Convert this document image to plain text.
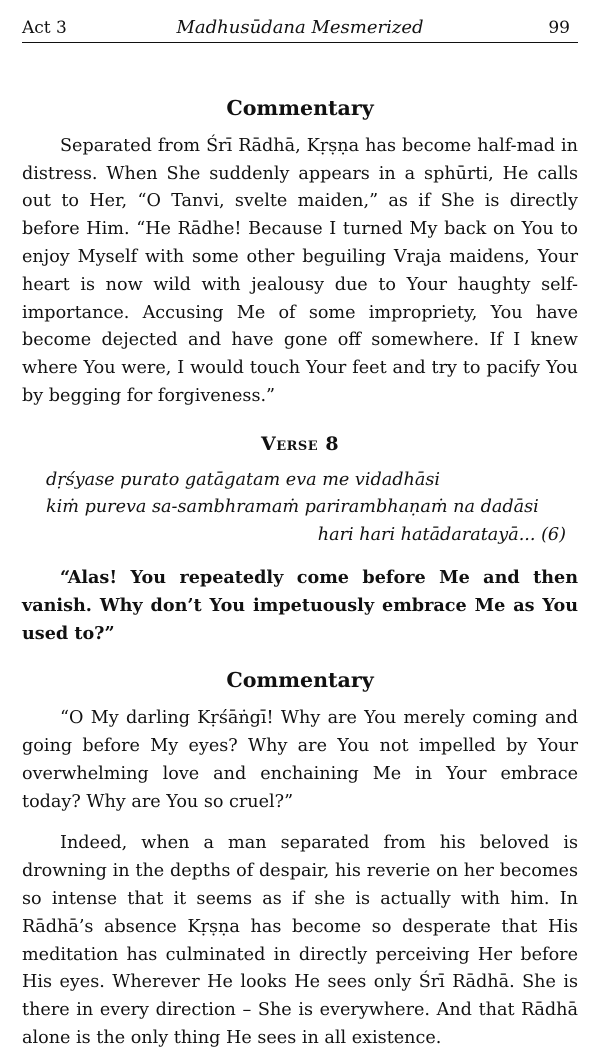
Act 3	Madhusūdana Mesmerized	99
Commentary

Separated from Śrī Rādhā, Kṛṣṇa has become half-mad in distress. When She suddenly appears in a sphūrti, He calls out to Her, “O Tanvi, svelte maiden,” as if She is directly before Him. “He Rādhe! Because I turned My back on You to enjoy Myself with some other beguiling Vraja maidens, Your heart is now wild with jealousy due to Your haughty self-importance. Accusing Me of some impropriety, You have become dejected and have gone off somewhere. If I knew where You were, I would touch Your feet and try to pacify You by begging for forgiveness.”

Verse 8
dṛśyase purato gatāgatam eva me vidadhāsi
kiṁ pureva sa-sambhramaṁ parirambhaṇaṁ na dadāsi
hari hari hatādaratayā... (6)

“Alas! You repeatedly come before Me and then vanish. Why don’t You impetuously embrace Me as You used to?”

Commentary

“O My darling Kṛśāṅgī! Why are You merely coming and going before My eyes? Why are You not impelled by Your overwhelming love and enchaining Me in Your embrace today? Why are You so cruel?”

Indeed, when a man separated from his beloved is drowning in the depths of despair, his reverie on her becomes so intense that it seems as if she is actually with him. In Rādhā’s absence Kṛṣṇa has become so desperate that His meditation has culminated in directly perceiving Her before His eyes. Wherever He looks He sees only Śrī Rādhā. She is there in every direction – She is everywhere. And that Rādhā alone is the only thing He sees in all existence.
